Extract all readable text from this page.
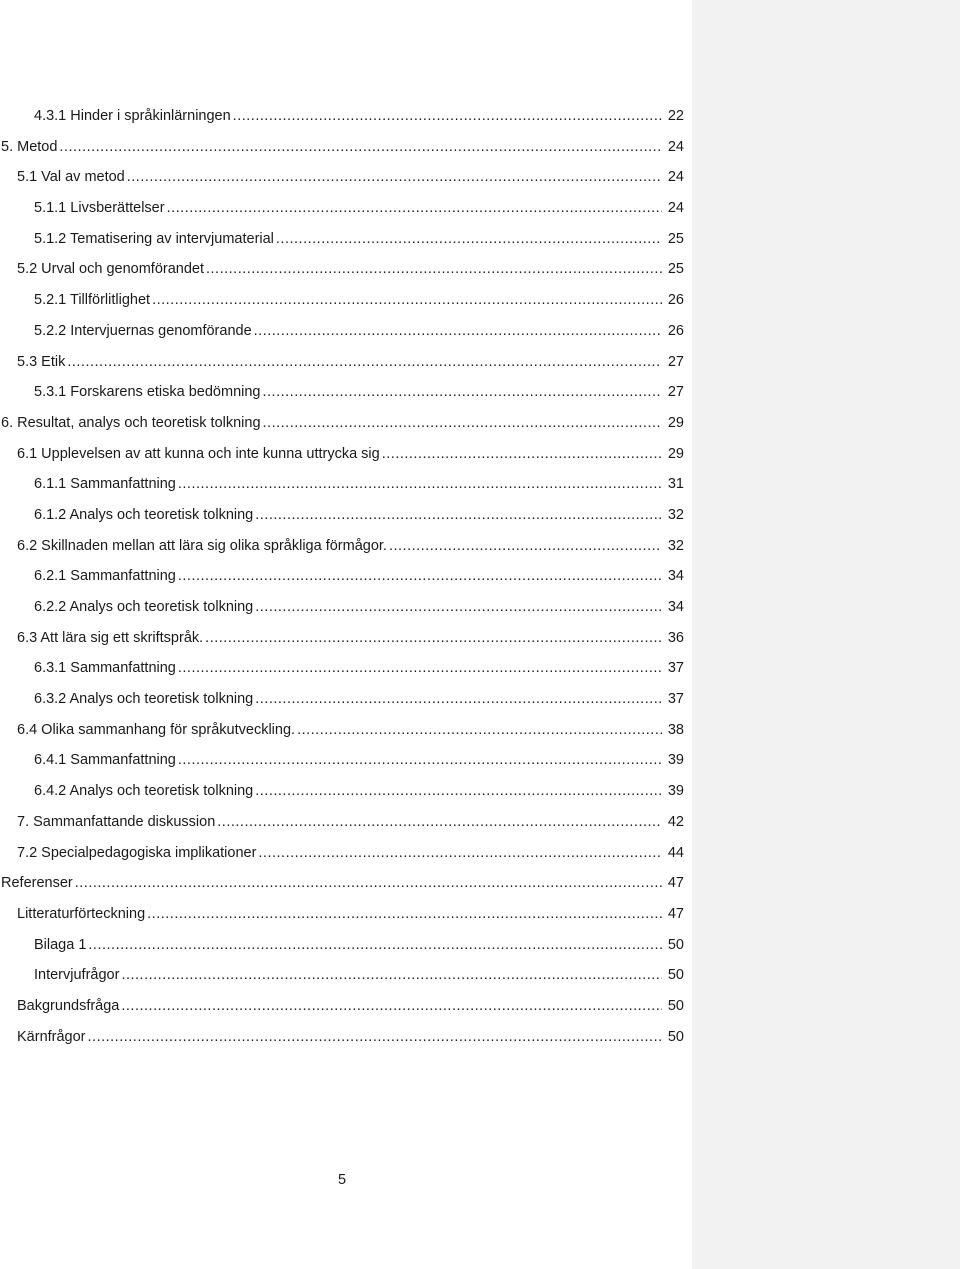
4.3.1 Hinder i språkinlärningen .....	22
5. Metod .....	24
5.1 Val av metod .....	24
5.1.1 Livsberättelser .....	24
5.1.2 Tematisering av intervjumaterial .....	25
5.2 Urval och genomförandet .....	25
5.2.1 Tillförlitlighet .....	26
5.2.2 Intervjuernas genomförande .....	26
5.3 Etik .....	27
5.3.1 Forskarens etiska bedömning .....	27
6. Resultat, analys och teoretisk tolkning .....	29
6.1 Upplevelsen av att kunna och inte kunna uttrycka sig .....	29
6.1.1 Sammanfattning .....	31
6.1.2 Analys och teoretisk tolkning .....	32
6.2 Skillnaden mellan att lära sig olika språkliga förmågor. .....	32
6.2.1 Sammanfattning .....	34
6.2.2 Analys och teoretisk tolkning .....	34
6.3 Att lära sig ett skriftspråk. .....	36
6.3.1 Sammanfattning .....	37
6.3.2 Analys och teoretisk tolkning .....	37
6.4 Olika sammanhang för språkutveckling. .....	38
6.4.1 Sammanfattning .....	39
6.4.2 Analys och teoretisk tolkning .....	39
7. Sammanfattande diskussion .....	42
7.2 Specialpedagogiska implikationer .....	44
Referenser .....	47
Litteraturförteckning .....	47
Bilaga 1 .....	50
Intervjufrågor .....	50
Bakgrundsfråga .....	50
Kärnfrågor .....	50
5
